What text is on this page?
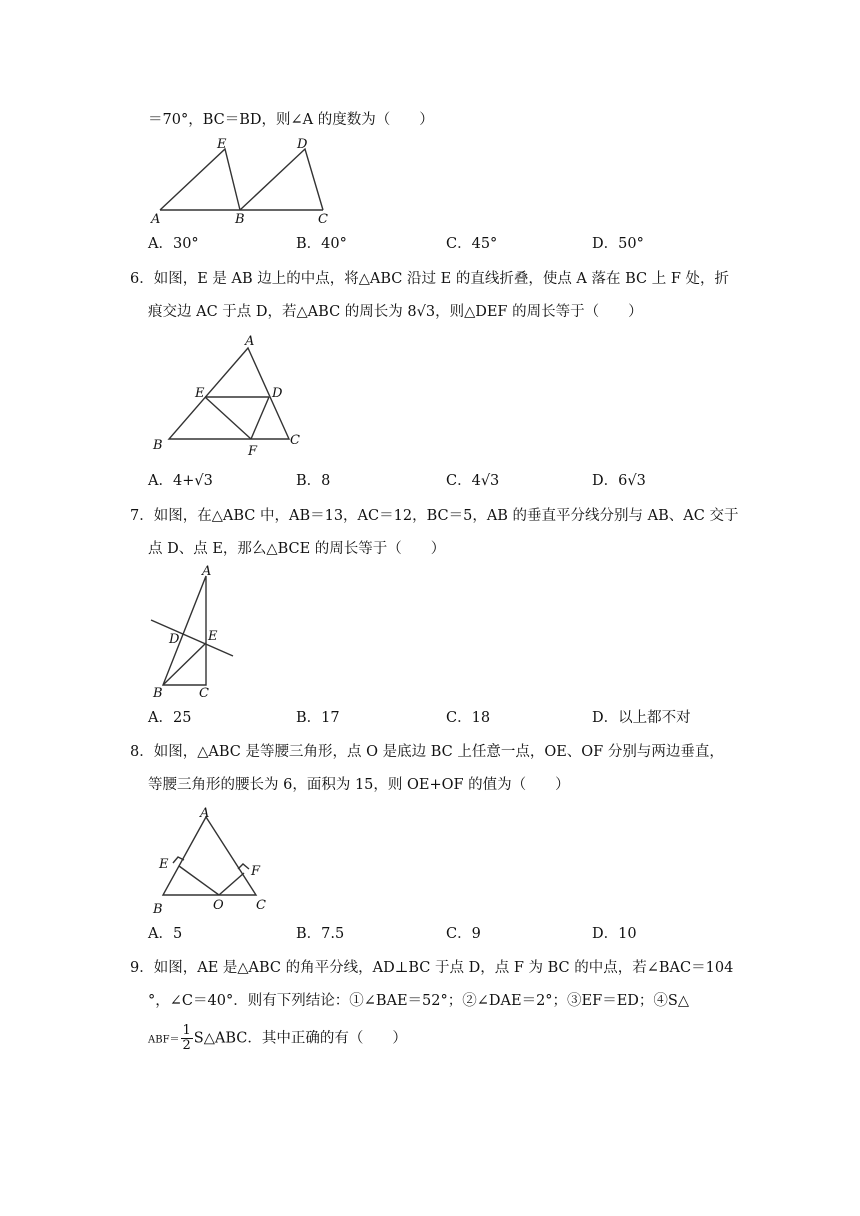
＝70°，BC＝BD，则∠A 的度数为（　　）
E	D
A	B	C
A．30°	B．40°	C．45°	D．50°
6．如图，E 是 AB 边上的中点，将△ABC 沿过 E 的直线折叠，使点 A 落在 BC 上 F 处，折
痕交边 AC 于点 D，若△ABC 的周长为 8√3，则△DEF 的周长等于（　　）
A
E	D
B	F
C
A．4+√3	B．8	C．4√3	D．6√3
7．如图，在△ABC 中，AB＝13，AC＝12，BC＝5，AB 的垂直平分线分别与 AB、AC 交于
点 D、点 E，那么△BCE 的周长等于（　　）
A
D E
B	C
A．25	B．17	C．18	D．以上都不对
8．如图，△ABC 是等腰三角形，点 O 是底边 BC 上任意一点，OE、OF 分别与两边垂直，
等腰三角形的腰长为 6，面积为 15，则 OE+OF 的值为（　　）
A
E	F
B	O C
A．5	B．7.5	C．9	D．10
9．如图，AE 是△ABC 的角平分线，AD⊥BC 于点 D，点 F 为 BC 的中点，若∠BAC＝104
°，∠C＝40°．则有下列结论：①∠BAE＝52°；②∠DAE＝2°；③EF＝ED；④S△
$ABF= \frac{1}{2}$ S△ABC．其中正确的有（　　）
